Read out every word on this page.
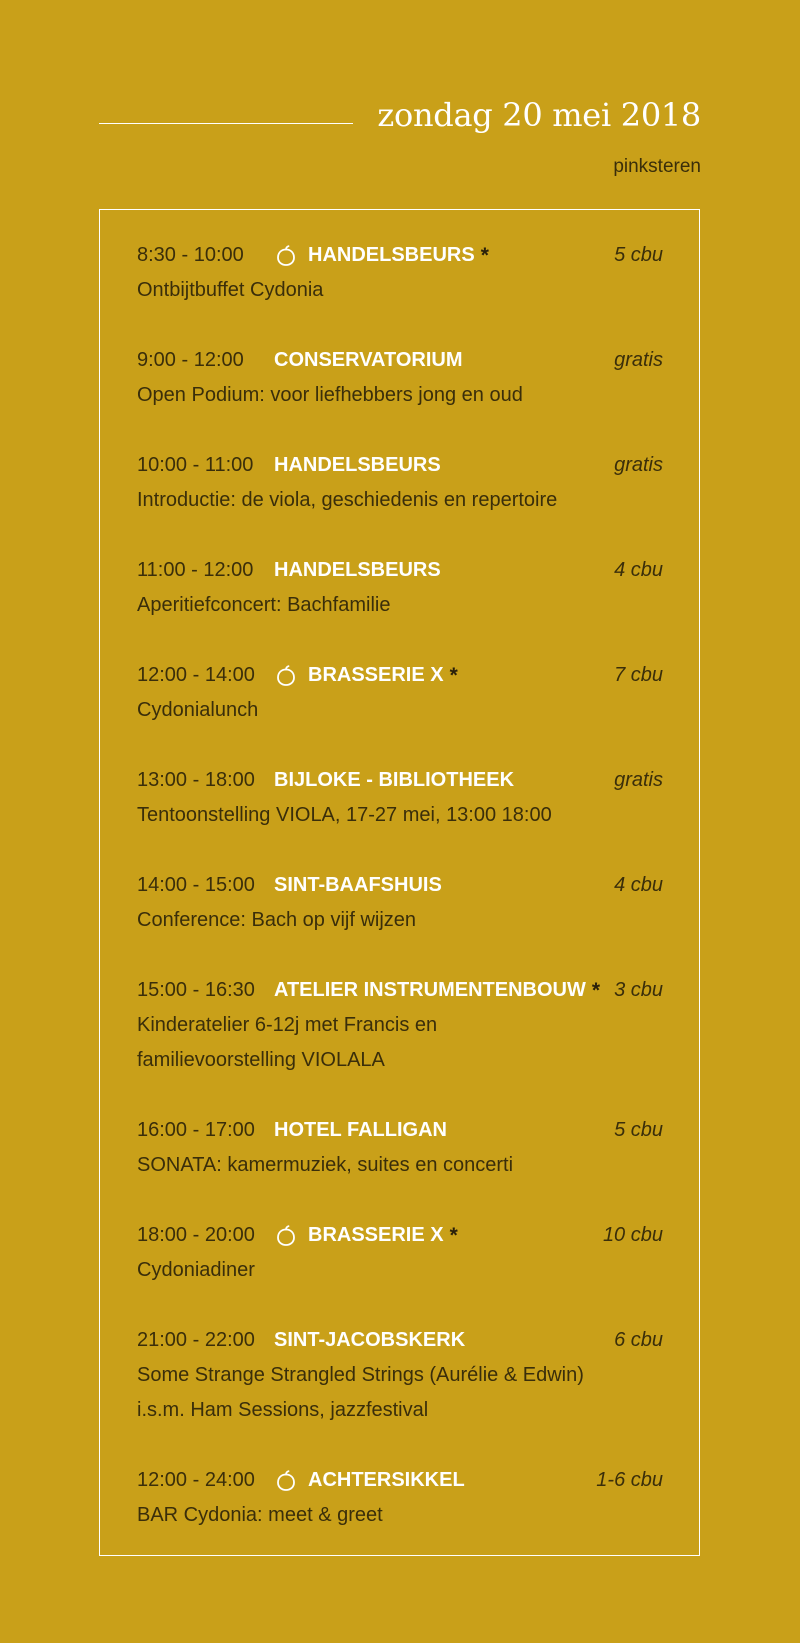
zondag 20 mei 2018
pinksteren
8:30 - 10:00	HANDELSBEURS *	5 cbu
Ontbijtbuffet Cydonia
9:00 - 12:00	CONSERVATORIUM	gratis
Open Podium: voor liefhebbers jong en oud
10:00 - 11:00	HANDELSBEURS	gratis
Introductie: de viola, geschiedenis en repertoire
11:00 - 12:00	HANDELSBEURS	4 cbu
Aperitiefconcert: Bachfamilie
12:00 - 14:00	BRASSERIE X *	7 cbu
Cydonialunch
13:00 - 18:00 BIJLOKE - BIBLIOTHEEK	gratis
Tentoonstelling VIOLA, 17-27 mei, 13:00 18:00
14:00 - 15:00 SINT-BAAFSHUIS	4 cbu
Conference: Bach op vijf wijzen
15:00 - 16:30 ATELIER INSTRUMENTENBOUW * 3 cbu
Kinderatelier 6-12j met Francis en
familievoorstelling VIOLALA
16:00 - 17:00 HOTEL FALLIGAN	5 cbu
SONATA: kamermuziek, suites en concerti
18:00 - 20:00	BRASSERIE X *	10 cbu
Cydoniadiner
21:00 - 22:00 SINT-JACOBSKERK	6 cbu
Some Strange Strangled Strings (Aurélie & Edwin)
i.s.m. Ham Sessions, jazzfestival
12:00 - 24:00	ACHTERSIKKEL	1-6 cbu
BAR Cydonia: meet & greet
